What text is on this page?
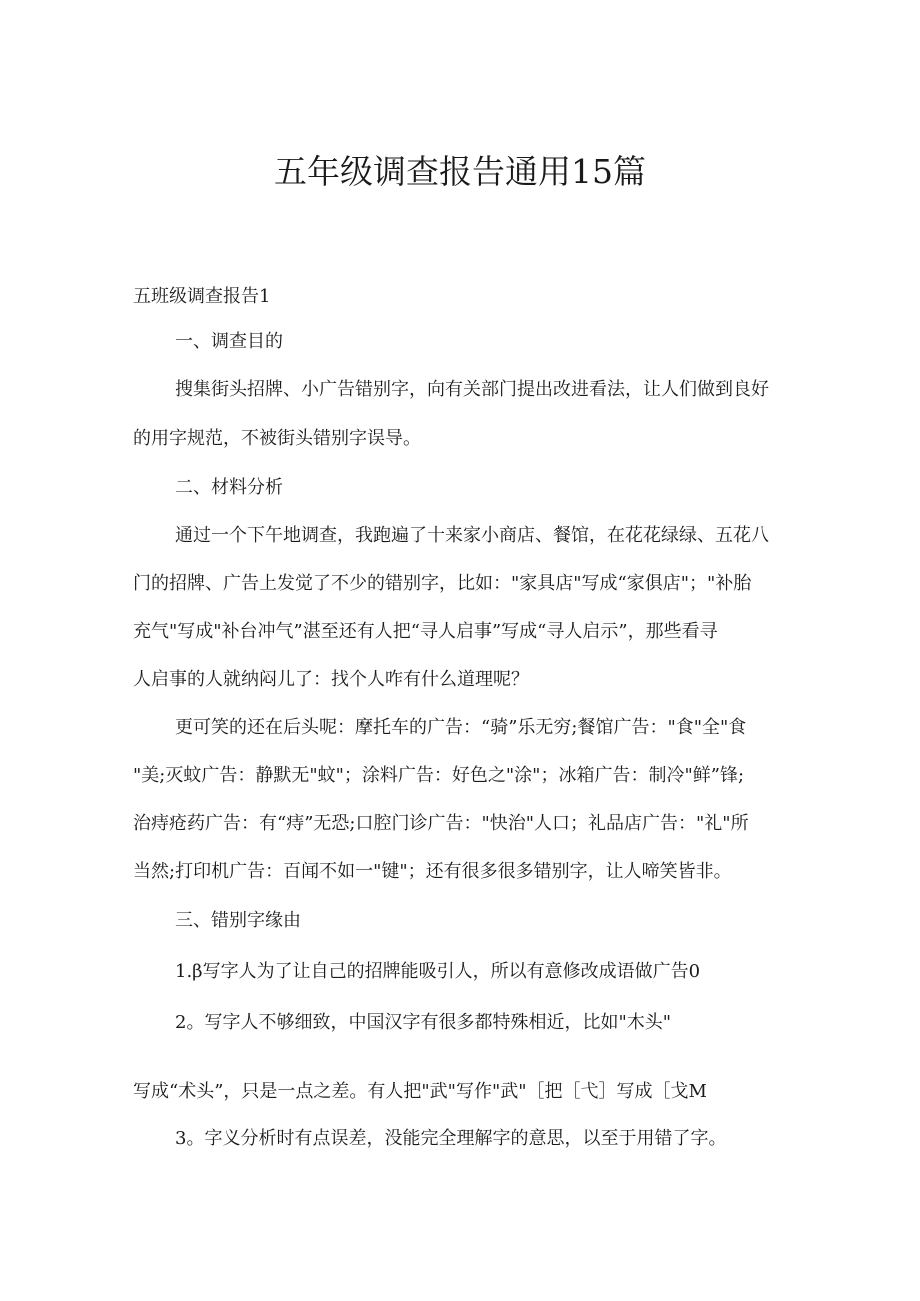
五年级调查报告通用15篇
五班级调查报告1
一、调查目的
搜集街头招牌、小广告错别字，向有关部门提出改进看法，让人们做到良好
的用字规范，不被街头错别字误导。
二、材料分析
通过一个下午地调查，我跑遍了十来家小商店、餐馆，在花花绿绿、五花八
门的招牌、广告上发觉了不少的错别字，比如："家具店"写成“家俱店"；"补胎
充气"写成"补台冲气”湛至还有人把“寻人启事”写成“寻人启示”，那些看寻
人启事的人就纳闷儿了：找个人咋有什么道理呢？
更可笑的还在后头呢：摩托车的广告：“骑”乐无穷;餐馆广告："食"全"食
"美;灭蚊广告：静默无"蚊"；涂料广告：好色之"涂"；冰箱广告：制冷"鲜”锋;
治痔疮药广告：有“痔”无恐;口腔门诊广告："快治"人口；礼品店广告："礼"所
当然;打印机广告：百闻不如一"键"；还有很多很多错别字，让人啼笑皆非。
三、错别字缘由
1.β写字人为了让自己的招牌能吸引人，所以有意修改成语做广告0
2。写字人不够细致，中国汉字有很多都特殊相近，比如"木头"
写成“术头”，只是一点之差。有人把"武"写作"武"［把［弋］写成［戈M
3。字义分析时有点误差，没能完全理解字的意思，以至于用错了字。
